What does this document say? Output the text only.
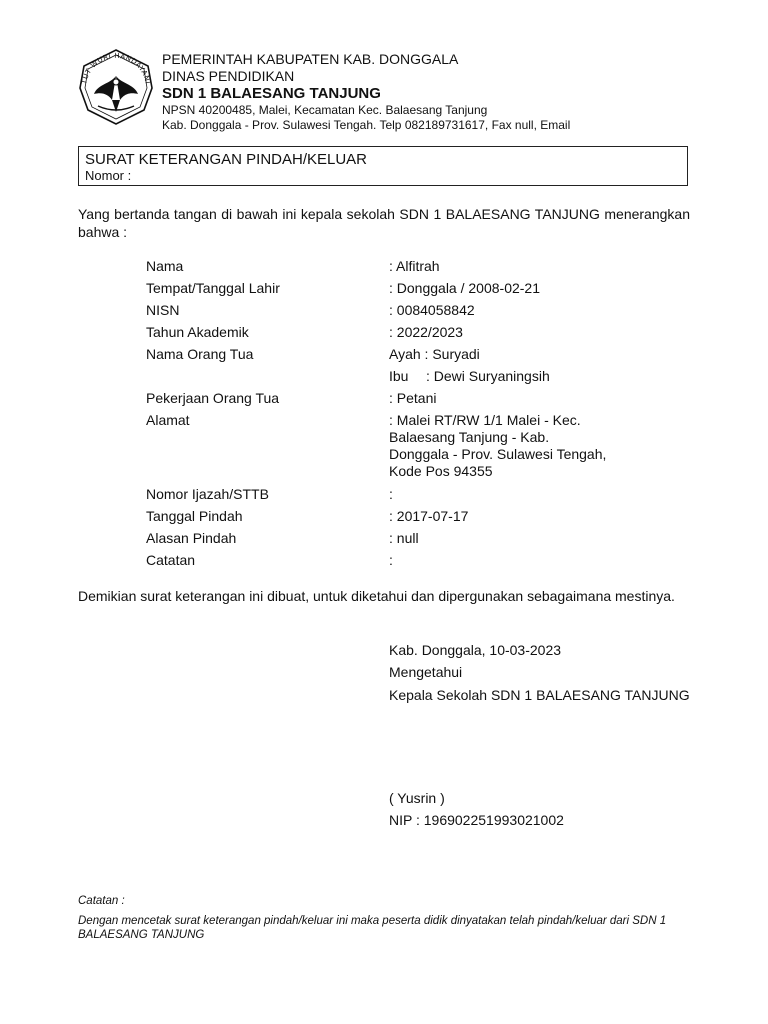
TUT WURI HANDAYANI
PEMERINTAH KABUPATEN KAB. DONGGALA
DINAS PENDIDIKAN
SDN 1 BALAESANG TANJUNG
NPSN 40200485, Malei, Kecamatan Kec. Balaesang Tanjung
Kab. Donggala - Prov. Sulawesi Tengah. Telp 082189731617, Fax null, Email
SURAT KETERANGAN PINDAH/KELUAR
Nomor :
Yang bertanda tangan di bawah ini kepala sekolah SDN 1 BALAESANG TANJUNG menerangkan bahwa :
Nama	: Alfitrah
Tempat/Tanggal Lahir	: Donggala / 2008-02-21
NISN	: 0084058842
Tahun Akademik	: 2022/2023
Nama Orang Tua	Ayah : Suryadi
Ibu : Dewi Suryaningsih
Pekerjaan Orang Tua	: Petani
Alamat	: Malei RT/RW 1/1 Malei - Kec. Balaesang Tanjung - Kab. Donggala - Prov. Sulawesi Tengah, Kode Pos 94355
Nomor Ijazah/STTB	:
Tanggal Pindah	: 2017-07-17
Alasan Pindah	: null
Catatan	:
Demikian surat keterangan ini dibuat, untuk diketahui dan dipergunakan sebagaimana mestinya.
Kab. Donggala, 10-03-2023
Mengetahui
Kepala Sekolah SDN 1 BALAESANG TANJUNG
( Yusrin )
NIP : 196902251993021002
Catatan :
Dengan mencetak surat keterangan pindah/keluar ini maka peserta didik dinyatakan telah pindah/keluar dari SDN 1 BALAESANG TANJUNG
